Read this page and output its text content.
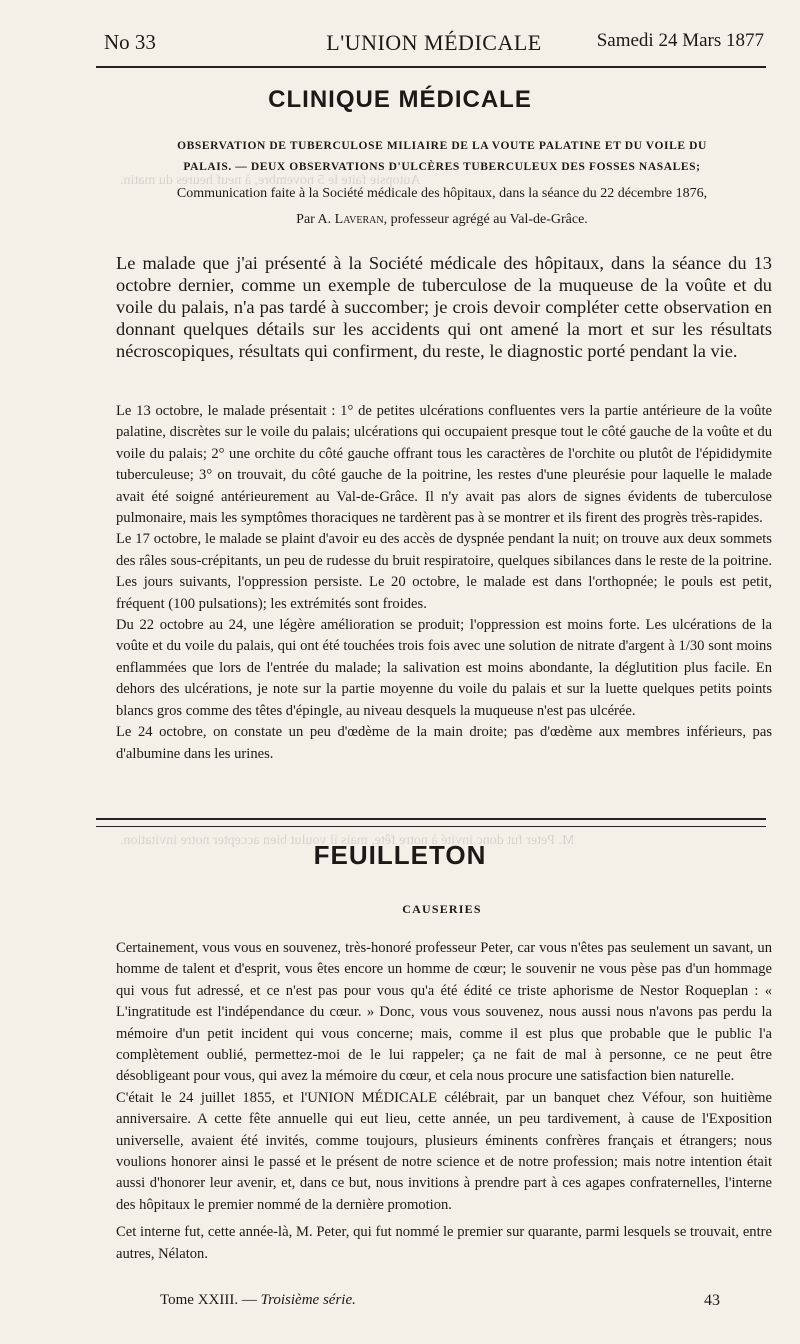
Autopsie faite le 5 novembre, à neuf heures du matin.
M. Peter fut donc invité à notre fête, mais il voulut bien accepter notre invitation.
No 33	L'UNION MÉDICALE	Samedi 24 Mars 1877
CLINIQUE MÉDICALE
OBSERVATION DE TUBERCULOSE MILIAIRE DE LA VOUTE PALATINE ET DU VOILE DU
PALAIS. — DEUX OBSERVATIONS D'ULCÈRES TUBERCULEUX DES FOSSES NASALES;
Communication faite à la Société médicale des hôpitaux, dans la séance du 22 décembre 1876,
Par A. Laveran, professeur agrégé au Val-de-Grâce.
Le malade que j'ai présenté à la Société médicale des hôpitaux, dans la séance du 13 octobre dernier, comme un exemple de tuberculose de la muqueuse de la voûte et du voile du palais, n'a pas tardé à succomber; je crois devoir compléter cette observation en donnant quelques détails sur les accidents qui ont amené la mort et sur les résultats nécroscopiques, résultats qui confirment, du reste, le diagnostic porté pendant la vie.

Le 13 octobre, le malade présentait : 1° de petites ulcérations confluentes vers la partie antérieure de la voûte palatine, discrètes sur le voile du palais; ulcérations qui occupaient presque tout le côté gauche de la voûte et du voile du palais; 2° une orchite du côté gauche offrant tous les caractères de l'orchite ou plutôt de l'épididymite tuberculeuse; 3° on trouvait, du côté gauche de la poitrine, les restes d'une pleurésie pour laquelle le malade avait été soigné antérieurement au Val-de-Grâce. Il n'y avait pas alors de signes évidents de tuberculose pulmonaire, mais les symptômes thoraciques ne tardèrent pas à se montrer et ils firent des progrès très-rapides.

Le 17 octobre, le malade se plaint d'avoir eu des accès de dyspnée pendant la nuit; on trouve aux deux sommets des râles sous-crépitants, un peu de rudesse du bruit respiratoire, quelques sibilances dans le reste de la poitrine. Les jours suivants, l'oppression persiste. Le 20 octobre, le malade est dans l'orthopnée; le pouls est petit, fréquent (100 pulsations); les extrémités sont froides.

Du 22 octobre au 24, une légère amélioration se produit; l'oppression est moins forte. Les ulcérations de la voûte et du voile du palais, qui ont été touchées trois fois avec une solution de nitrate d'argent à 1/30 sont moins enflammées que lors de l'entrée du malade; la salivation est moins abondante, la déglutition plus facile. En dehors des ulcérations, je note sur la partie moyenne du voile du palais et sur la luette quelques petits points blancs gros comme des têtes d'épingle, au niveau desquels la muqueuse n'est pas ulcérée.

Le 24 octobre, on constate un peu d'œdème de la main droite; pas d'œdème aux membres inférieurs, pas d'albumine dans les urines.

FEUILLETON
CAUSERIES

Certainement, vous vous en souvenez, très-honoré professeur Peter, car vous n'êtes pas seulement un savant, un homme de talent et d'esprit, vous êtes encore un homme de cœur; le souvenir ne vous pèse pas d'un hommage qui vous fut adressé, et ce n'est pas pour vous qu'a été édité ce triste aphorisme de Nestor Roqueplan : « L'ingratitude est l'indépendance du cœur. » Donc, vous vous souvenez, nous aussi nous n'avons pas perdu la mémoire d'un petit incident qui vous concerne; mais, comme il est plus que probable que le public l'a complètement oublié, permettez-moi de le lui rappeler; ça ne fait de mal à personne, ce ne peut être désobligeant pour vous, qui avez la mémoire du cœur, et cela nous procure une satisfaction bien naturelle.

C'était le 24 juillet 1855, et l'UNION MÉDICALE célébrait, par un banquet chez Véfour, son huitième anniversaire. A cette fête annuelle qui eut lieu, cette année, un peu tardivement, à cause de l'Exposition universelle, avaient été invités, comme toujours, plusieurs éminents confrères français et étrangers; nous voulions honorer ainsi le passé et le présent de notre science et de notre profession; mais notre intention était aussi d'honorer leur avenir, et, dans ce but, nous invitions à prendre part à ces agapes confraternelles, l'interne des hôpitaux le premier nommé de la dernière promotion.

Cet interne fut, cette année-là, M. Peter, qui fut nommé le premier sur quarante, parmi lesquels se trouvait, entre autres, Nélaton.

Tome XXIII. — Troisième série.	43
